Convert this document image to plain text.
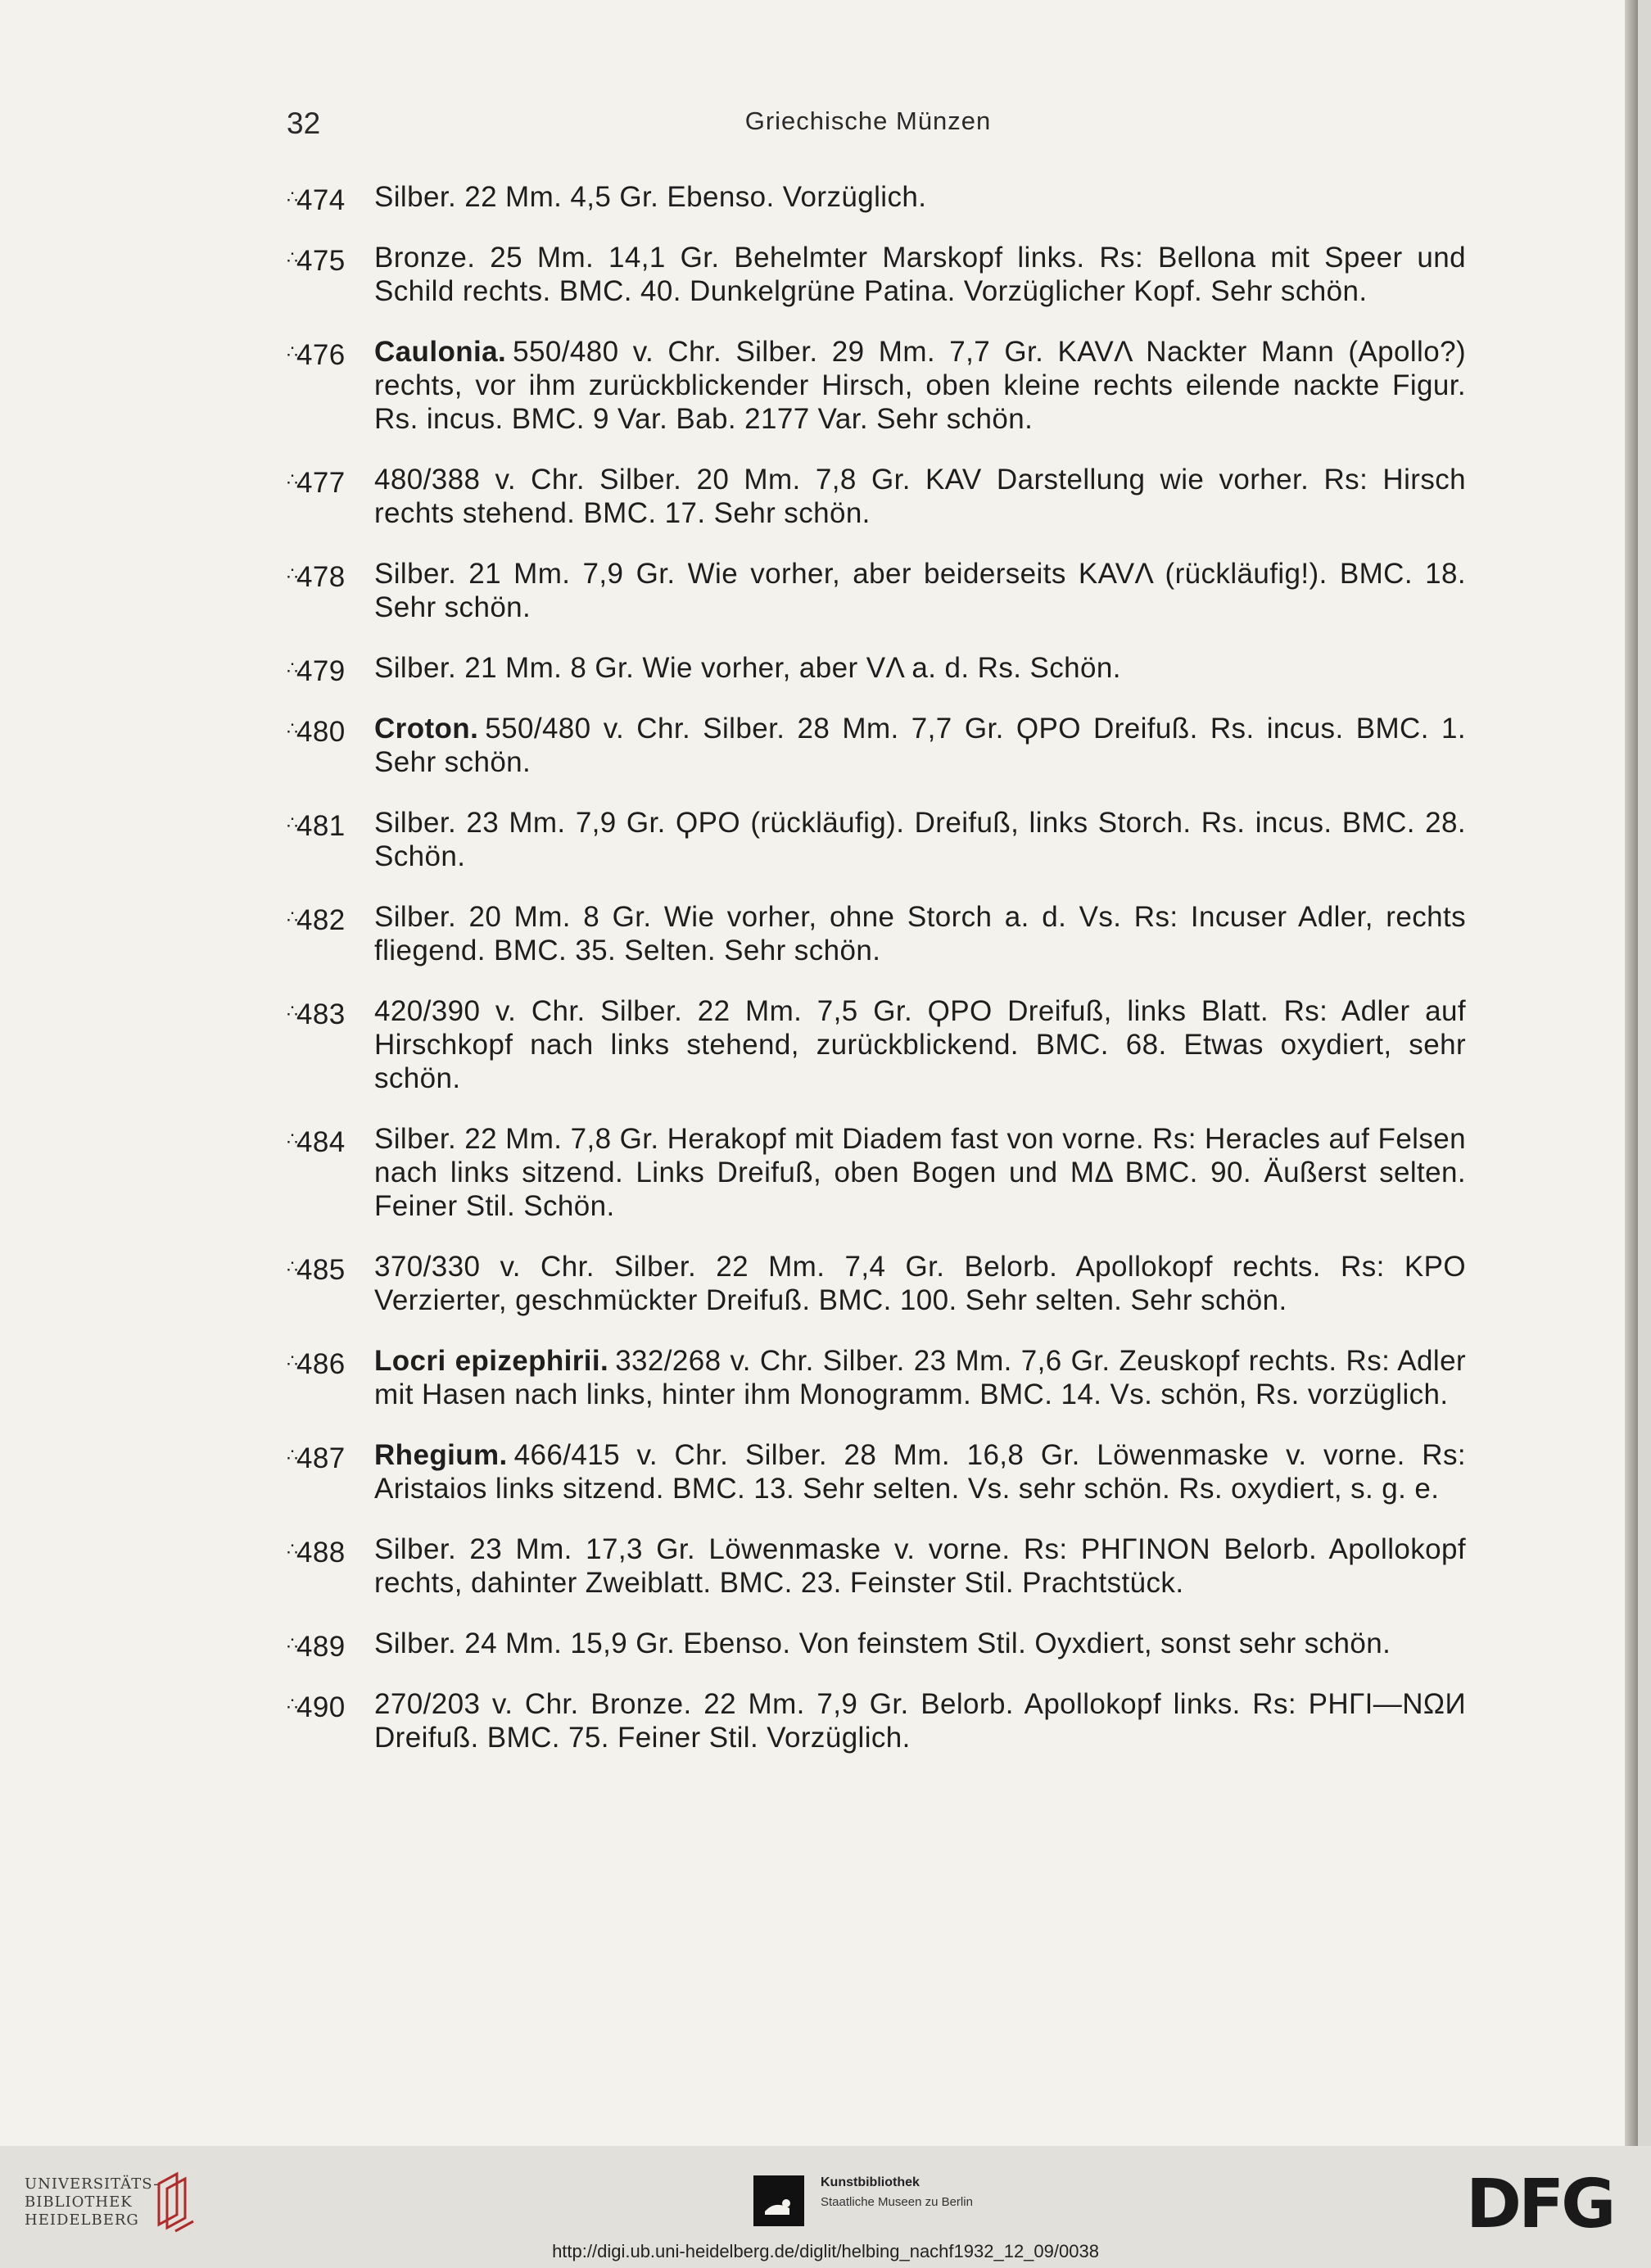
32	Griechische Münzen
∴474	Silber. 22 Mm. 4,5 Gr. Ebenso. Vorzüglich.
∴475	Bronze. 25 Mm. 14,1 Gr. Behelmter Marskopf links. Rs: Bellona mit Speer und Schild rechts. BMC. 40. Dunkelgrüne Patina. Vorzüglicher Kopf. Sehr schön.
∴476	Caulonia. 550/480 v. Chr. Silber. 29 Mm. 7,7 Gr. KAVΛ Nackter Mann (Apollo?) rechts, vor ihm zurückblickender Hirsch, oben kleine rechts eilende nackte Figur. Rs. incus. BMC. 9 Var. Bab. 2177 Var. Sehr schön.
∴477	480/388 v. Chr. Silber. 20 Mm. 7,8 Gr. KAV Darstellung wie vorher. Rs: Hirsch rechts stehend. BMC. 17. Sehr schön.
∴478	Silber. 21 Mm. 7,9 Gr. Wie vorher, aber beiderseits KAVΛ (rückläufig!). BMC. 18. Sehr schön.
∴479	Silber. 21 Mm. 8 Gr. Wie vorher, aber VΛ a. d. Rs. Schön.
∴480	Croton. 550/480 v. Chr. Silber. 28 Mm. 7,7 Gr. ϘPO Dreifuß. Rs. incus. BMC. 1. Sehr schön.
∴481	Silber. 23 Mm. 7,9 Gr. ϘPO (rückläufig). Dreifuß, links Storch. Rs. incus. BMC. 28. Schön.
∴482	Silber. 20 Mm. 8 Gr. Wie vorher, ohne Storch a. d. Vs. Rs: Incuser Adler, rechts fliegend. BMC. 35. Selten. Sehr schön.
∴483	420/390 v. Chr. Silber. 22 Mm. 7,5 Gr. ϘPO Dreifuß, links Blatt. Rs: Adler auf Hirschkopf nach links stehend, zurückblickend. BMC. 68. Etwas oxydiert, sehr schön.
∴484	Silber. 22 Mm. 7,8 Gr. Herakopf mit Diadem fast von vorne. Rs: Heracles auf Felsen nach links sitzend. Links Dreifuß, oben Bogen und MΔ BMC. 90. Äußerst selten. Feiner Stil. Schön.
∴485	370/330 v. Chr. Silber. 22 Mm. 7,4 Gr. Belorb. Apollokopf rechts. Rs: KPO Verzierter, geschmückter Dreifuß. BMC. 100. Sehr selten. Sehr schön.
∴486	Locri epizephirii. 332/268 v. Chr. Silber. 23 Mm. 7,6 Gr. Zeuskopf rechts. Rs: Adler mit Hasen nach links, hinter ihm Monogramm. BMC. 14. Vs. schön, Rs. vorzüglich.
∴487	Rhegium. 466/415 v. Chr. Silber. 28 Mm. 16,8 Gr. Löwenmaske v. vorne. Rs: Aristaios links sitzend. BMC. 13. Sehr selten. Vs. sehr schön. Rs. oxydiert, s. g. e.
∴488	Silber. 23 Mm. 17,3 Gr. Löwenmaske v. vorne. Rs: PHΓINON Belorb. Apollokopf rechts, dahinter Zweiblatt. BMC. 23. Feinster Stil. Prachtstück.
∴489	Silber. 24 Mm. 15,9 Gr. Ebenso. Von feinstem Stil. Oyxdiert, sonst sehr schön.
∴490	270/203 v. Chr. Bronze. 22 Mm. 7,9 Gr. Belorb. Apollokopf links. Rs: PHΓI—NΩИ Dreifuß. BMC. 75. Feiner Stil. Vorzüglich.
UNIVERSITÄTS-
BIBLIOTHEK
HEIDELBERG
Kunstbibliothek
Staatliche Museen zu Berlin	DFG
http://digi.ub.uni-heidelberg.de/diglit/helbing_nachf1932_12_09/0038
